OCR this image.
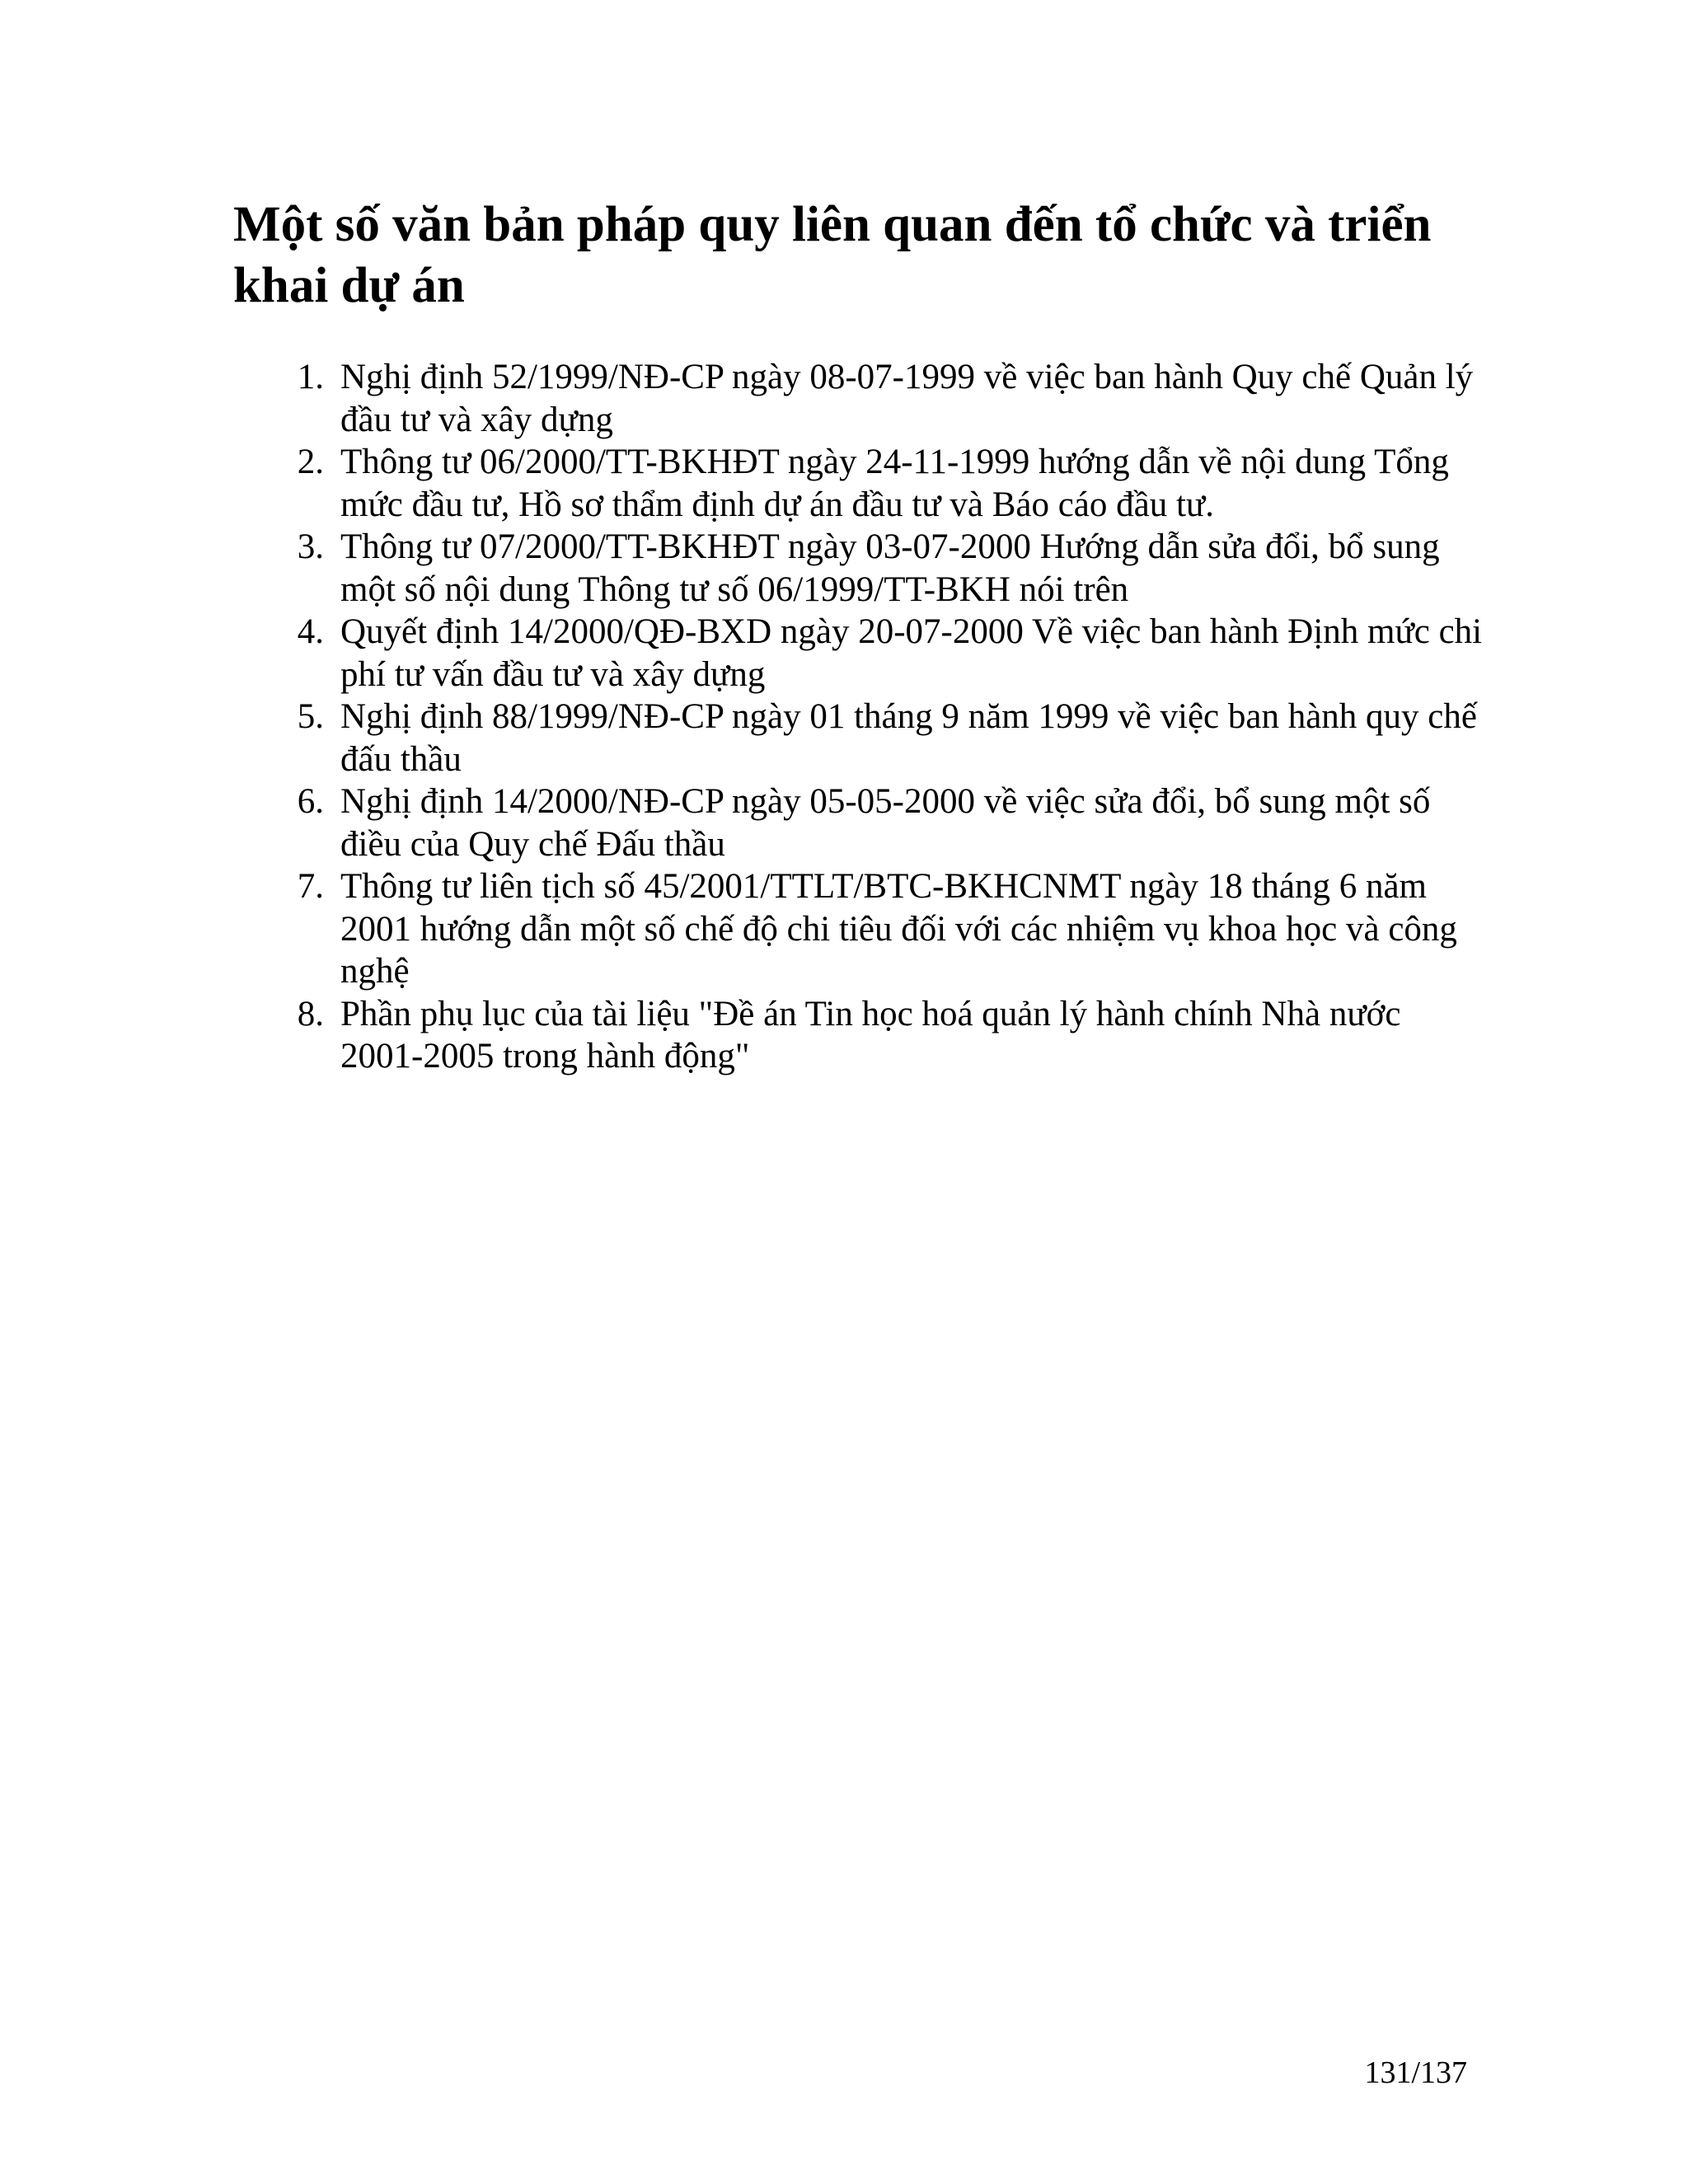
Một số văn bản pháp quy liên quan đến tổ chức và triển khai dự án
1. Nghị định 52/1999/NĐ-CP ngày 08-07-1999 về việc ban hành Quy chế Quản lý đầu tư và xây dựng
2. Thông tư 06/2000/TT-BKHĐT ngày 24-11-1999 hướng dẫn về nội dung Tổng mức đầu tư, Hồ sơ thẩm định dự án đầu tư và Báo cáo đầu tư.
3. Thông tư 07/2000/TT-BKHĐT ngày 03-07-2000 Hướng dẫn sửa đổi, bổ sung một số nội dung Thông tư số 06/1999/TT-BKH nói trên
4. Quyết định 14/2000/QĐ-BXD ngày 20-07-2000 Về việc ban hành Định mức chi phí tư vấn đầu tư và xây dựng
5. Nghị định 88/1999/NĐ-CP ngày 01 tháng 9 năm 1999 về việc ban hành quy chế đấu thầu
6. Nghị định 14/2000/NĐ-CP ngày 05-05-2000 về việc sửa đổi, bổ sung một số điều của Quy chế Đấu thầu
7. Thông tư liên tịch số 45/2001/TTLT/BTC-BKHCNMT ngày 18 tháng 6 năm 2001 hướng dẫn một số chế độ chi tiêu đối với các nhiệm vụ khoa học và công nghệ
8. Phần phụ lục của tài liệu "Đề án Tin học hoá quản lý hành chính Nhà nước 2001-2005 trong hành động"
131/137
